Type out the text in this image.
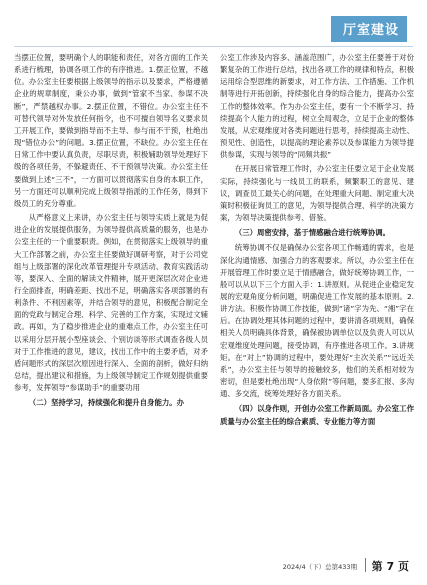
厅室建设

当摆正位置，要明确个人的职能和责任，对各方面的工作关系进行梳理，协调各项工作的有序推进。1.摆正位置，不越位。办公室主任要根据上级领导的指示以及要求，严格遵循企业的规章制度，秉公办事，做到“管家不当家、参谋不决断”，严禁越权办事。2.摆正位置，不错位。办公室主任不可替代领导对外发放任何指令，也不可擅自领导名义要求员工开展工作，要做到指导而不主导、参与而不干预，杜绝出现“错位办公”的问题。3.摆正位置，不缺位。办公室主任在日常工作中要认真负责，尽职尽责，积极辅助领导处理好下级的各项任务，不躲避责任、不干预领导决策。办公室主任要做到上述“三不”，一方面可以贯彻落实自身的本职工作，另一方面还可以顺利完成上级领导指派的工作任务，得到下级员工的充分尊重。

从严格意义上来讲，办公室主任与领导实质上就是为促进企业的发展提供服务，为领导提供高质量的服务，也是办公室主任的一个重要职责。例如，在贯彻落实上级领导的重大工作部署之前，办公室主任要做好调研考察，对于公司党组与上级部署的深化改革管理提升专项活动、教育实践活动等，要深入、全面的解读文件精神，展开更深层次对企业进行全面排查，明确差距、找出不足，明确落实各项部署的有利条件、不利因素等，并结合领导的意见，积极配合制定全面的党政与制定合理、科学、完善的工作方案，实现过文辅政。再如，为了稳步推进企业的重难点工作，办公室主任可以采用分层开展小型座谈会、个别访谈等形式调查各级人员对于工作推进的意见，建议，找出工作中的主要矛盾，对矛盾问题形式的深层次原因进行深入、全面的剖析，做好归纳总结，提出建议和措施，为上级领导制定工作规划提供重要参考，发挥领导“参谋助手”的重要功用

（二）坚持学习，持续强化和提升自身能力。办

公室工作涉及内容多、涵盖范围广，办公室主任要善于对份繁复杂的工作进行总结，找出各项工作的规律和特点，积极运用综合型思维的新要求，对工作方法、工作措施、工作机制等进行开拓创新，持续强化自身的综合能力，提高办公室工作的整体效率。作为办公室主任，要有一个不断学习、持续提高个人能力的过程，树立全局观念，立足于企业的整体发展，从宏观维度对各类问题进行思考，持续提高主动性、预见性、创造性，以提高的理论素养以及参谋能力为领导提供参谋，实现与领导的“同频共振”

在开展日常管理工作时，办公室主任要立足于企业发展实际，持续强化与一线员工的联系，频繁职工的意见、建议，调查员工最关心的问题，在处理重大问题、制定重大决策时积极征询员工的意见，为领导提供合理、科学的决策方案，为领导决策提供参考、借鉴。

（三）周密安排，基于情感融合进行统筹协调。

统筹协调不仅是确保办公室各项工作畅通的需求，也是深化沟通情感、加强合力的客观要求。所以，办公室主任在开展管理工作时要立足于情感融合，做好统筹协调工作，一般可以从以下三个方面入手：1.讲原则。从促进企业稳定发展的宏观角度分析问题，明确促进工作发展的基本原则。2.讲方法。积极作协调工作技能，做到“诸”字为先、“湘”字在后。在协调处理其体问题的过程中，要讲清各项规则，确保相关人员明确具体背景，确保被协调单位以及负责人可以从宏观维度处理问题，接受协调，有序推进各项工作。3.讲规矩。在“对上”协调的过程中，要处理好“主次关系”“远近关系”，办公室主任与领导的接触较多，他们的关系相对较为密切，但是要杜绝出现“人身依附”等问题，要多汇报、多沟通、多交流，统筹处理好各方面关系。

（四）以身作则，开创办公室工作新局面。办公室工作质量与办公室主任的综合素质、专业能力等方面

2024/4（下）总第433期 第 7 页
